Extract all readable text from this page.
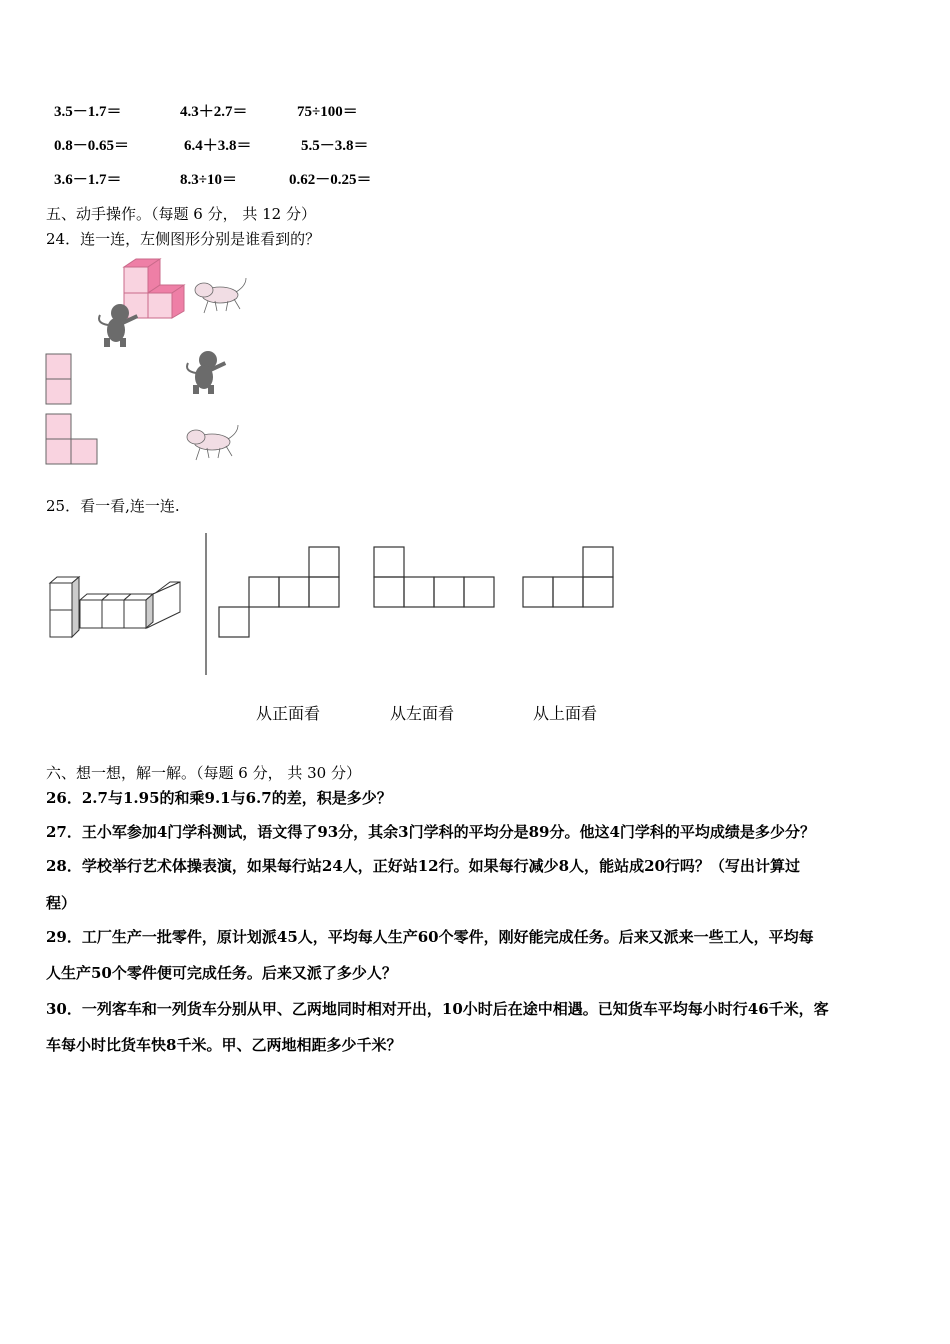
3.5－1.7＝	4.3＋2.7＝	75÷100＝
0.8－0.65＝	6.4＋3.8＝	5.5－3.8＝
3.6－1.7＝	8.3÷10＝	0.62－0.25＝
五、动手操作。（每题 6 分， 共 12 分）
24．连一连，左侧图形分别是谁看到的？
25．看一看,连一连.
从正面看	从左面看	从上面看
六、想一想，解一解。（每题 6 分， 共 30 分）
26．2.7与1.95的和乘9.1与6.7的差，积是多少？
27．王小军参加4门学科测试，语文得了93分，其余3门学科的平均分是89分。他这4门学科的平均成绩是多少分？
28．学校举行艺术体操表演，如果每行站24人，正好站12行。如果每行减少8人，能站成20行吗？（写出计算过
程）
29．工厂生产一批零件，原计划派45人，平均每人生产60个零件，刚好能完成任务。后来又派来一些工人，平均每
人生产50个零件便可完成任务。后来又派了多少人？
30．一列客车和一列货车分别从甲、乙两地同时相对开出，10小时后在途中相遇。已知货车平均每小时行46千米，客
车每小时比货车快8千米。甲、乙两地相距多少千米？
